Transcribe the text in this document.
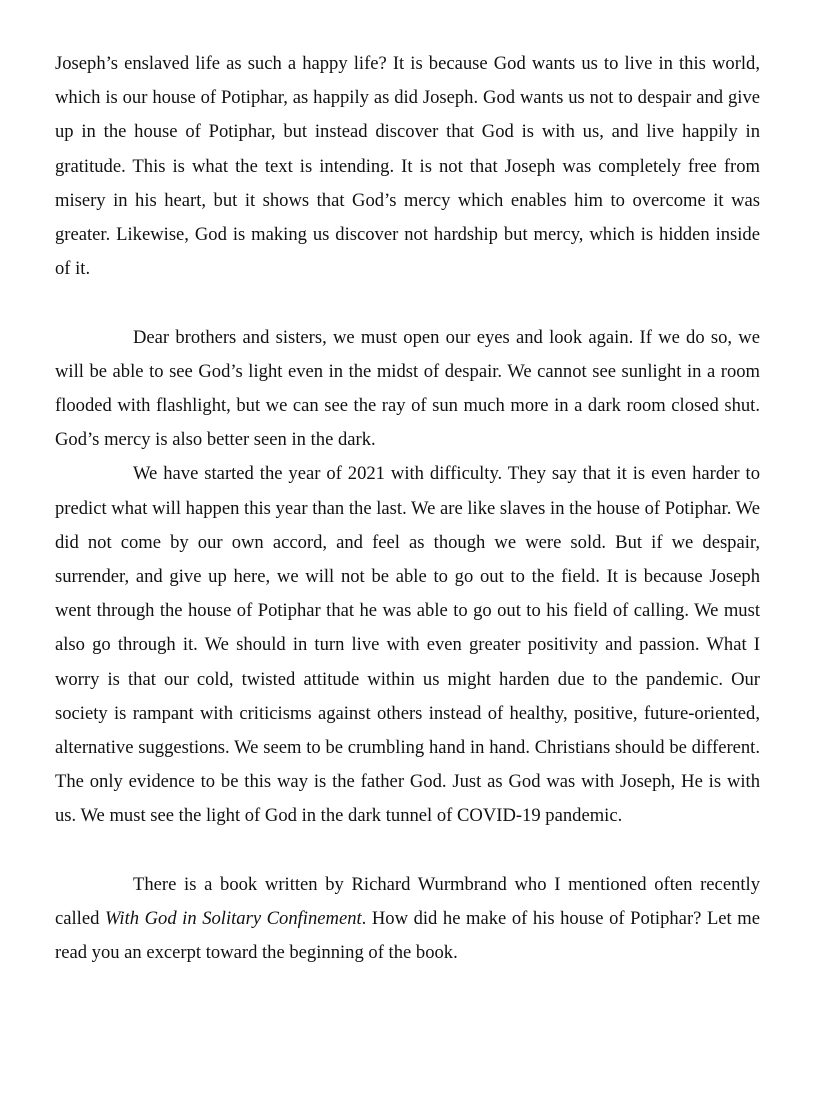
Joseph’s enslaved life as such a happy life? It is because God wants us to live in this world, which is our house of Potiphar, as happily as did Joseph. God wants us not to despair and give up in the house of Potiphar, but instead discover that God is with us, and live happily in gratitude. This is what the text is intending. It is not that Joseph was completely free from misery in his heart, but it shows that God’s mercy which enables him to overcome it was greater. Likewise, God is making us discover not hardship but mercy, which is hidden inside of it.

Dear brothers and sisters, we must open our eyes and look again. If we do so, we will be able to see God’s light even in the midst of despair. We cannot see sunlight in a room flooded with flashlight, but we can see the ray of sun much more in a dark room closed shut. God’s mercy is also better seen in the dark.

We have started the year of 2021 with difficulty. They say that it is even harder to predict what will happen this year than the last. We are like slaves in the house of Potiphar. We did not come by our own accord, and feel as though we were sold. But if we despair, surrender, and give up here, we will not be able to go out to the field. It is because Joseph went through the house of Potiphar that he was able to go out to his field of calling. We must also go through it. We should in turn live with even greater positivity and passion. What I worry is that our cold, twisted attitude within us might harden due to the pandemic. Our society is rampant with criticisms against others instead of healthy, positive, future-oriented, alternative suggestions. We seem to be crumbling hand in hand. Christians should be different. The only evidence to be this way is the father God. Just as God was with Joseph, He is with us. We must see the light of God in the dark tunnel of COVID-19 pandemic.

There is a book written by Richard Wurmbrand who I mentioned often recently called With God in Solitary Confinement. How did he make of his house of Potiphar? Let me read you an excerpt toward the beginning of the book.
